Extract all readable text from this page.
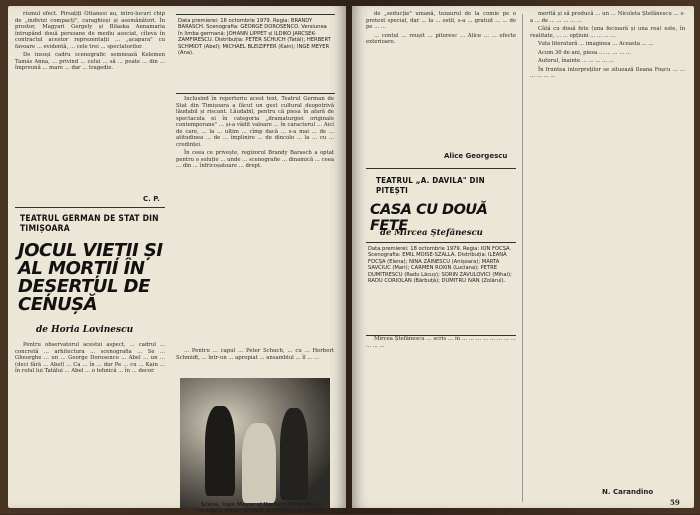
rismul efect. Pirsațiți Ottanesi au, intro-lucuri chip de „indivizi compacți", caraghioși și asemănători. În prostor, Magyari Gergely și Bilaska Annamaria întrupând două persoane de mediu asociat, cîteva în contractul acestor reprezentații ... „acapara" cu favoare ... evidentă, ... cele trei ... spectatorilor.

De insuși cadru scenografic semnează Kelemen Tamás Anna, ... privind ... celui ... să ... poate ... din ... împreună ... mare ... dar ... tragedie.

C. P.
TEATRUL GERMAN DE STAT DIN TIMIȘOARA
JOCUL VIEȚII ȘI AL MORȚII ÎN DEȘERTUL DE CENUȘĂ
de Horia Lovinescu

Pentru observatorul acestui aspect, ... cadrul ... concretă ... arhitectura ... scenografia ... Se ... Gheorghe ... un ... George Dorosenco ... Abel ... un ... (deci fără ... Abel) ... Ca ... în ... dar Pe ... cu ... Kain ... în rolul lui Tatălui ... Abel ... o tehnică ... în ... decor.

Data premierei: 16 octombrie 1979. Regia: BRANDY BARASCH. Scenografia: GEORGE DOROSENCO. Versiunea în limba germană: JOHANN LIPPET și ILDIKO JARCSEK-ZAMFIRESCU. Distribuția: PETER SCHUCH (Tatăl); HERBERT SCHMIDT (Abel); MICHAEL BLEIZIFFER (Kain); INGE MEYER (Ana).

Inclusind în repertoriu acest text, Teatrul German de Stat din Timișoara a făcut un gest cultural deopotrivă lăudabil și riscant. Lăudabil, pentru că piesa în afară de spectacula ei în categoria „dramaturgiei originale contemporane" ... și-a vădit valoare ... în caracterul ... Aici de care, ... la ... ultim ... cîmp dacă ... s-a mai ... de ... atitudinea ... de ... împlinire ... de dincolo ... la ... cu ... credinței.

În ceea ce privește, regizorul Brandy Barasch a optat pentru o soluție ... unde ... scenografie ... dinamică ... ceea ... din ... înfricoșatoare ... drept.

... Pentru ... capul ... Peter Schuch, ... cu ... Herbert Schmidt, ... într-un ... apropiat ... ansamblul ... îl ... ...

Scena, Inge Meyer și Herbert Schmidt; în dreapta, Peter Schuch și Michael Bleiziffer

de „seducție" umană, tezaurul de la comie pe o pretext special, dar ... la ... ostil, s-a ... gratuit ... ... de pe ... ...

... contul ... reușit ... pitoresc ... Alice ... ... efecte exterioare.

Alice Georgescu
TEATRUL „A. DAVILA" DIN PITEȘTI
CASA CU DOUĂ FETE
de Mircea Ștefănescu
Data premierei: 18 octombrie 1979. Regia: ION FOCȘA. Scenografia: EMIL MOISE-SZALLA. Distribuția: ILEANA FOCȘA (Elena); NINA ZĂINESCU (Anișoara); MARTA SAVCIUC (Mari); CARMEN ROXIN (Luciana); PETRE DUMITRESCU (Radu Lăcuș); SORIN ZAVULOVICI (Mihai); RADU CORIOLAN (Bărbuță); DUMITRU IVAN (Zolărul).

Mircea Ștefănescu ... scris ... în ... ... ... ... ... ... ... ... ... ... ...

merită și să producă ... un ... Nicoleta Ștefănescu ... s-a ... de ... ... ... ... ...

Câtă cu două fete (una fecioară și una rea) este, în realitate, ... ... opțiuni ... ... ... ...

Vuta literatură ... imaginea ... Aceasta ... ...

Acum 30 de ani, piesa ... ... ... ... ...

Autorul, înainte ... ... ... ... ...

În fruntea interpreților se situează Ileana Foșcu ... ... ... ... ... ...

N. Carandino
59
